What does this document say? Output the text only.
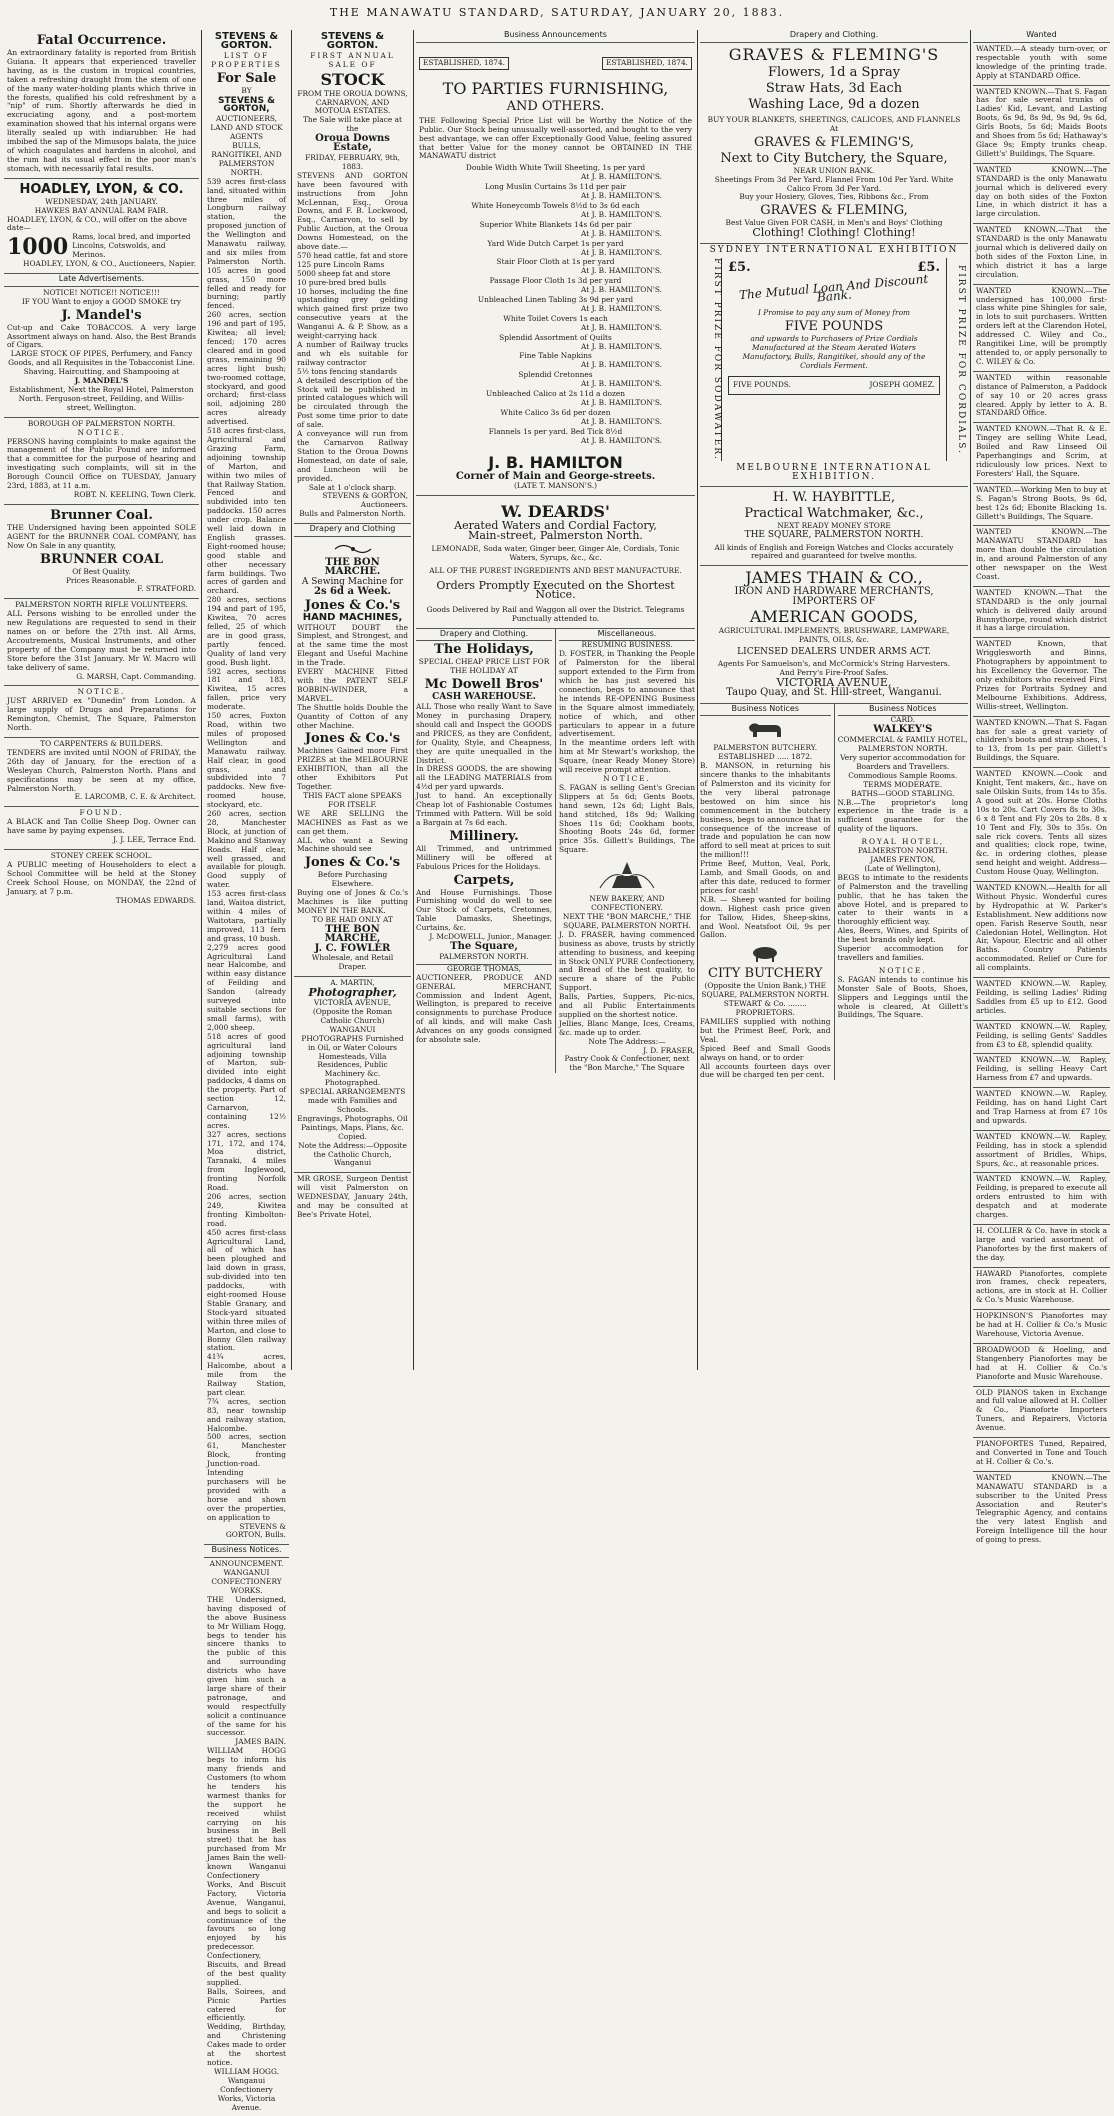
THE MANAWATU STANDARD, SATURDAY, JANUARY 20, 1883.
Fatal Occurrence.
An extraordinary fatality is reported from British Guiana. It appears that experienced traveller having, as is the custom in tropical countries, taken a refreshing draught from the stem of one of the many water-holding plants which thrive in the forests, qualified his cold refreshment by a "nip" of rum. Shortly afterwards he died in excruciating agony, and a post-mortem examination showed that his internal organs were literally sealed up with indiarubber. He had imbibed the sap of the Mimusops balata, the juice of which coagulates and hardens in alcohol, and the rum had its usual effect in the poor man's stomach, with necessarily fatal results.
HOADLEY, LYON, & CO.
WEDNESDAY, 24th JANUARY.
HAWKES BAY ANNUAL RAM FAIR.
HOADLEY, LYON, & CO., will offer on the above date—
1000 Rams, local bred, and imported Lincolns, Cotswolds, and Merinos.
HOADLEY, LYON, & CO., Auctioneers, Napier.
Late Advertisements.
NOTICE! NOTICE!! NOTICE!!!
IF YOU Want to enjoy a GOOD SMOKE try
J. Mandel's
Cut-up and Cake TOBACCOS. A very large Assortment always on hand. Also, the Best Brands of Cigars.
LARGE STOCK OF PIPES, Perfumery, and Fancy Goods, and all Requisites in the Tobacconist Line.
Shaving, Haircutting, and Shampooing at
J. MANDEL'S
Establishment, Next the Royal Hotel, Palmerston North. Ferguson-street, Feilding, and Willis-street, Wellington.
BOROUGH OF PALMERSTON NORTH.
NOTICE.
PERSONS having complaints to make against the management of the Public Pound are informed that a committee for the purpose of hearing and investigating such complaints, will sit in the Borough Council Office on TUESDAY, January 23rd, 1883, at 11 a.m.
ROBT. N. KEELING, Town Clerk.
Brunner Coal.
THE Undersigned having been appointed SOLE AGENT for the BRUNNER COAL COMPANY, has Now On Sale in any quantity,
BRUNNER COAL
Of Best Quality.
Prices Reasonable.
F. STRATFORD.
PALMERSTON NORTH RIFLE VOLUNTEERS.
ALL Persons wishing to be enrolled under the new Regulations are requested to send in their names on or before the 27th inst. All Arms, Accoutrements, Musical Instruments, and other property of the Company must be returned into Store before the 31st January. Mr W. Macro will take delivery of same.
G. MARSH, Capt. Commanding.
NOTICE.
JUST ARRIVED ex "Dunedin" from London. A large supply of Drugs and Preparations for Remington, Chemist, The Square, Palmerston North.
TO CARPENTERS & BUILDERS.
TENDERS are invited until NOON of FRIDAY, the 26th day of January, for the erection of a Wesleyan Church, Palmerston North. Plans and specifications may be seen at my office, Palmerston North.
E. LARCOMB, C. E. & Architect.
FOUND.
A BLACK and Tan Collie Sheep Dog. Owner can have same by paying expenses.
J. J. LEE, Terrace End.
STONEY CREEK SCHOOL.
A PUBLIC meeting of Householders to elect a School Committee will be held at the Stoney Creek School House, on MONDAY, the 22nd of January, at 7 p.m.
THOMAS EDWARDS.
STEVENS & GORTON.
LIST OF PROPERTIES
For Sale
BY
STEVENS & GORTON,
AUCTIONEERS,
LAND AND STOCK AGENTS
BULLS, RANGITIKEI, AND PALMERSTON NORTH.
539 acres first-class land, situated within three miles of Longburn railway station, the proposed junction of the Wellington and Manawatu railway, and six miles from Palmerston North. 105 acres in good grass, 150 more felled and ready for burning; partly fenced.
260 acres, section 196 and part of 195, Kiwitea; all level; fenced; 170 acres cleared and in good grass, remaining 90 acres light bush; two-roomed cottage, stockyard, and good orchard; first-class soil, adjoining 280 acres already advertised.
518 acres first-class, Agricultural and Grazing Farm, adjoining township of Marton, and within two miles of that Railway Station. Fenced and subdivided into ten paddocks. 150 acres under crop. Balance well laid down in English grasses. Eight-roomed house; good stable and other necessary farm buildings. Two acres of garden and orchard.
280 acres, sections 194 and part of 195, Kiwitea, 70 acres felled, 25 of which are in good grass, partly fenced. Quality of land very good. Bush light.
592 acres, sections 181 and 183, Kiwitea, 15 acres fallen, price very moderate.
150 acres, Foxton Road, within two miles of proposed Wellington and Manawatu railway. Half clear, in good grass, and subdivided into 7 paddocks. New five-roomed house, stockyard, etc.
260 acres, section 28, Manchester Block, at junction of Makino and Stanway Roads. Half clear, well grassed, and available for plough. Good supply of water.
153 acres first-class land, Waitoa district, within 4 miles of Waitotara, partially improved, 113 fern and grass, 10 bush.
2,279 acres good Agricultural Land near Halcombe, and within easy distance of Feilding and Sandon (already surveyed into suitable sections for small farms), with 2,000 sheep.
518 acres of good agricultural land adjoining township of Marton, sub-divided into eight paddocks, 4 dams on the property. Part of section 12, Carnarvon, containing 12½ acres.
327 acres, sections 171, 172, and 174, Moa district, Taranaki, 4 miles from Inglewood, fronting Norfolk Road.
206 acres, section 249, Kiwitea fronting Kimbolton-road.
450 acres first-class Agricultural Land, all of which has been ploughed and laid down in grass, sub-divided into ten paddocks, with eight-roomed House Stable Granary, and Stock-yard situated within three miles of Marton, and close to Bonny Glen railway station.
41¾ acres, Halcombe, about a mile from the Railway Station, part clear.
7¾ acres, section 83, near township and railway station, Halcombe.
500 acres, section 61, Manchester Block, fronting Junction-road.
Intending purchasers will be provided with a horse and shown over the properties, on application to
STEVENS & GORTON, Bulls.
Business Notices.
ANNOUNCEMENT.
WANGANUI CONFECTIONERY WORKS.
THE Undersigned, having disposed of the above Business to Mr William Hogg, begs to tender his sincere thanks to the public of this and surrounding districts who have given him such a large share of their patronage, and would respectfully solicit a continuance of the same for his successor.
JAMES BAIN.
WILLIAM HOGG begs to inform his many friends and Customers (to whom he tenders his warmest thanks for the support he received whilst carrying on his business in Bell street) that he has purchased from Mr James Bain the well-known Wanganui Confectionery Works, And Biscuit Factory, Victoria Avenue, Wanganui, and begs to solicit a continuance of the favours so long enjoyed by his predecessor.
Confectionery, Biscuits, and Bread of the best quality supplied.
Balls, Soirees, and Picnic Parties catered for efficiently.
Wedding, Birthday, and Christening Cakes made to order at the shortest notice.
WILLIAM HOGG.
Wanganui Confectionery Works, Victoria Avenue.
STEVENS & GORTON.
FIRST ANNUAL SALE OF
STOCK
FROM THE OROUA DOWNS, CARNARVON, AND MOTOUA ESTATES.
The Sale will take place at the
Oroua Downs Estate,
FRIDAY, FEBRUARY, 9th, 1883.
STEVENS AND GORTON have been favoured with instructions from John McLennan, Esq., Oroua Downs, and F. B. Lockwood, Esq., Carnarvon, to sell by Public Auction, at the Oroua Downs Homestead, on the above date.—
570 head cattle, fat and store
125 pure Lincoln Rams
5000 sheep fat and store
10 pure-bred bred bulls
10 horses, including the fine upstanding grey gelding which gained first prize two consecutive years at the Wanganui A. & P. Show, as a weight-carrying hack
A number of Railway trucks and wh els suitable for railway contractor
5½ tons fencing standards
A detailed description of the Stock will be published in printed catalogues which will be circulated through the Post some time prior to date of sale.
A conveyance will run from the Carnarvon Railway Station to the Oroua Downs Homestead, on date of sale, and Luncheon will be provided.
Sale at 1 o'clock sharp.
STEVENS & GORTON, Auctioneers.
Bulls and Palmerston North.
Drapery and Clothing
THE BON MARCHE.
A Sewing Machine for
2s 6d a Week.
Jones & Co.'s
HAND MACHINES,
WITHOUT DOUBT the Simplest, and Strongest, and at the same time the most Elegant and Useful Machine in the Trade.
EVERY MACHINE Fitted with the PATENT SELF BOBBIN-WINDER, a MARVEL.
The Shuttle holds Double the Quantity of Cotton of any other Machine.
Jones & Co.'s
Machines Gained more First PRIZES at the MELBOURNE EXHIBITION, than all the other Exhibitors Put Together.
THIS FACT alone SPEAKS FOR ITSELF.
WE ARE SELLING the MACHINES as Fast as we can get them.
ALL who want a Sewing Machine should see
Jones & Co.'s
Before Purchasing Elsewhere.
Buying one of Jones & Co.'s Machines is like putting MONEY IN THE BANK.
TO BE HAD ONLY AT
THE BON MARCHE,
J. C. FOWLER
Wholesale, and Retail Draper.
A. MARTIN,
Photographer,
VICTORIA AVENUE,
(Opposite the Roman Catholic Church)
WANGANUI
PHOTOGRAPHS Furnished in Oil, or Water Colours
Homesteads, Villa Residences, Public Machinery &c. Photographed.
SPECIAL ARRANGEMENTS made with Families and Schools.
Engravings, Photographs, Oil Paintings, Maps, Plans, &c. Copied.
Note the Address:—Opposite the Catholic Church, Wanganui
MR GROSE, Surgeon Dentist will visit Palmerston on WEDNESDAY, January 24th, and may be consulted at Bee's Private Hotel,
Business Announcements
ESTABLISHED, 1874.	ESTABLISHED, 1874.
TO PARTIES FURNISHING,
AND OTHERS.
THE Following Special Price List will be Worthy the Notice of the Public. Our Stock being unusually well-assorted, and bought to the very best advantage, we can offer Exceptionally Good Value, feeling assured that better Value for the money cannot be OBTAINED IN THE MANAWATU district
Double Width White Twill Sheeting, 1s per yard
At J. B. HAMILTON'S.
Long Muslin Curtains 3s 11d per pair
At J. B. HAMILTON'S.
White Honeycomb Towels 8½d to 3s 6d each
At J. B. HAMILTON'S.
Superior White Blankets 14s 6d per pair
At J. B. HAMILTON'S.
Yard Wide Dutch Carpet 1s per yard
At J. B. HAMILTON'S.
Stair Floor Cloth at 1s per yard
At J. B. HAMILTON'S.
Passage Floor Cloth 1s 3d per yard
At J. B. HAMILTON'S.
Unbleached Linen Tabling 3s 9d per yard
At J. B. HAMILTON'S.
White Toilet Covers 1s each
At J. B. HAMILTON'S.
Splendid Assortment of Quilts
At J. B. HAMILTON'S.
Fine Table Napkins
At J. B. HAMILTON'S.
Splendid Cretonnes
At J. B. HAMILTON'S.
Unbleached Calico at 2s 11d a dozen
At J. B. HAMILTON'S.
White Calico 3s 6d per dozen
At J. B. HAMILTON'S.
Flannels 1s per yard. Bed Tick 8½d
At J. B. HAMILTON'S.
J. B. HAMILTON
Corner of Main and George-streets.
(LATE T. MANSON'S.)
W. DEARDS'
Aerated Waters and Cordial Factory,
Main-street, Palmerston North.
LEMONADE, Soda water, Ginger beer, Ginger Ale, Cordials, Tonic Waters, Syrups, &c., &c.
ALL OF THE PUREST INGREDIENTS AND BEST MANUFACTURE.
Orders Promptly Executed on the Shortest Notice.
Goods Delivered by Rail and Waggon all over the District. Telegrams Punctually attended to.
Drapery and Clothing.
The Holidays,
SPECIAL CHEAP PRICE LIST FOR THE HOLIDAY AT
Mc Dowell Bros'
CASH WAREHOUSE.
ALL Those who really Want to Save Money in purchasing Drapery, should call and Inspect the GOODS and PRICES, as they are Confident, for Quality, Style, and Cheapness, they are quite unequalled in the District.
In DRESS GOODS, the are showing all the LEADING MATERIALS from 4½d per yard upwards.
Just to hand. An exceptionally Cheap lot of Fashionable Costumes Trimmed with Pattern. Will be sold a Bargain at 7s 6d each.
Millinery.
All Trimmed, and untrimmed Millinery will be offered at Fabulous Prices for the Holidays.
Carpets,
And House Furnishings. Those Furnishing would do well to see Our Stock of Carpets, Cretonnes, Table Damasks, Sheetings, Curtains, &c.
J. McDOWELL, Junior., Manager.
The Square,
PALMERSTON NORTH.
GEORGE THOMAS,
AUCTIONEER, PRODUCE AND GENERAL MERCHANT, Commission and Indent Agent, Wellington, is prepared to receive consignments to purchase Produce of all kinds, and will make Cash Advances on any goods consigned for absolute sale.
Miscellaneous.
RESUMING BUSINESS.
D. FOSTER, in Thanking the People of Palmerston for the liberal support extended to the Firm from which he has just severed his connection, begs to announce that he intends RE-OPENING Business in the Square almost immediately, notice of which, and other particulars to appear in a future advertisement.
In the meantime orders left with him at Mr Stewart's workshop, the Square, (near Ready Money Store) will receive prompt attention.
NOTICE.
S. FAGAN is selling Gent's Grecian Slippers at 5s 6d; Gents Boots, hand sewn, 12s 6d; Light Bals, hand stitched, 18s 9d; Walking Shoes 11s 6d; Cookham boots, Shooting Boots 24s 6d, former price 35s. Gillett's Buildings, The Square.
NEW BAKERY, AND CONFECTIONERY.
NEXT THE "BON MARCHE," THE SQUARE, PALMERSTON NORTH.
J. D. FRASER, having commenced business as above, trusts by strictly attending to business, and keeping in Stock ONLY PURE Confectionery, and Bread of the best quality, to secure a share of the Public Support.
Balls, Parties, Suppers, Pic-nics, and all Public Entertainments supplied on the shortest notice.
Jellies, Blanc Mange, Ices, Creams, &c. made up to order.
Note The Address:—
J. D. FRASER,
Pastry Cook & Confectioner, next the "Bon Marche," The Square
Drapery and Clothing.
GRAVES & FLEMING'S
Flowers, 1d a Spray
Straw Hats, 3d Each
Washing Lace, 9d a dozen
BUY YOUR BLANKETS, SHEETINGS, CALICOES, AND FLANNELS
At
GRAVES & FLEMING'S,
Next to City Butchery, the Square,
NEAR UNION BANK.
Sheetings From 3d Per Yard. Flannel From 10d Per Yard. White Calico From 3d Per Yard.
Buy your Hosiery, Gloves, Ties, Ribbons &c., From
GRAVES & FLEMING,
Best Value Given FOR CASH, in Men's and Boys' Clothing
Clothing! Clothing! Clothing!
SYDNEY INTERNATIONAL EXHIBITION
FIRST PRIZE FOR SODAWATER. £5.	£5.
The Mutual Loan And Discount Bank.
I Promise to pay any sum of Money from
FIVE POUNDS
and upwards to Purchasers of Prize Cordials Manufactured at the Steam Aerated Waters Manufactory, Bulls, Rangitikei, should any of the Cordials Ferment.
FIVE POUNDS.	JOSEPH GOMEZ.	FIRST PRIZE FOR CORDIALS.
MELBOURNE INTERNATIONAL EXHIBITION.
H. W. HAYBITTLE,
Practical Watchmaker, &c.,
NEXT READY MONEY STORE
THE SQUARE, PALMERSTON NORTH.
All kinds of English and Foreign Watches and Clocks accurately repaired and guaranteed for twelve months.
JAMES THAIN & CO.,
IRON AND HARDWARE MERCHANTS,
IMPORTERS OF
AMERICAN GOODS,
AGRICULTURAL IMPLEMENTS, BRUSHWARE, LAMPWARE, PAINTS, OILS, &c.
LICENSED DEALERS UNDER ARMS ACT.
Agents For Samuelson's, and McCormick's String Harvesters.
And Perry's Fire-Proof Safes.
VICTORIA AVENUE,
Taupo Quay, and St. Hill-street, Wanganui.
Business Notices
PALMERSTON BUTCHERY.
ESTABLISHED ..... 1872.
B. MANSON, in returning his sincere thanks to the inhabitants of Palmerston and its vicinity for the very liberal patronage bestowed on him since his commencement in the butchery business, begs to announce that in consequence of the increase of trade and population he can now afford to sell meat at prices to suit the million!!!
Prime Beef, Mutton, Veal, Pork, Lamb, and Small Goods, on and after this date, reduced to former prices for cash!
N.B. — Sheep wanted for boiling down. Highest cash price given for Tallow, Hides, Sheep-skins, and Wool. Neatsfoot Oil, 9s per Gallon.
CITY BUTCHERY
(Opposite the Union Bank,) THE SQUARE, PALMERSTON NORTH.
STEWART & Co. ........ PROPRIETORS.
FAMILIES supplied with nothing but the Primest Beef, Pork, and Veal.
Spiced Beef and Small Goods always on hand, or to order
All accounts fourteen days over due will be charged ten per cent.
Business Notices
CARD.
WALKEY'S
COMMERCIAL & FAMILY HOTEL,
PALMERSTON NORTH.
Very superior accommodation for Boarders and Travellers.
Commodious Sample Rooms.
TERMS MODERATE.
BATHS—GOOD STABLING.
N.B.—The proprietor's long experience in the trade is a sufficient guarantee for the quality of the liquors.
ROYAL HOTEL,
PALMERSTON NORTH.
JAMES FENTON,
(Late of Wellington),
BEGS to intimate to the residents of Palmerston and the travelling public, that he has taken the above Hotel, and is prepared to cater to their wants in a thoroughly efficient way.
Ales, Beers, Wines, and Spirits of the best brands only kept.
Superior accommodation for travellers and families.
NOTICE.
S. FAGAN intends to continue his Monster Sale of Boots, Shoes, Slippers and Leggings until the whole is cleared, At Gillett's Buildings, The Square.
Wanted
WANTED.—A steady turn-over, or respectable youth with some knowledge of the printing trade. Apply at STANDARD Office.
WANTED KNOWN.—That S. Fagan has for sale several trunks of Ladies' Kid, Levant, and Lasting Boots, 6s 9d, 8s 9d, 9s 9d, 9s 6d, Girls Boots, 5s 6d; Maids Boots and Shoes from 5s 6d; Hathaway's Glace 9s; Empty trunks cheap. Gillett's' Buildings, The Square.
WANTED KNOWN.—The STANDARD is the only Manawatu journal which is delivered every day on both sides of the Foxton Line, in which district it has a large circulation.
WANTED KNOWN.—That the STANDARD is the only Manawatu journal which is delivered daily on both sides of the Foxton Line, in which district it has a large circulation.
WANTED KNOWN.—The undersigned has 100,000 first-class white pine Shingles for sale, in lots to suit purchasers. Written orders left at the Clarendon Hotel, addressed C. Wiley and Co., Rangitikei Line, will be promptly attended to, or apply personally to C. WILEY & Co.
WANTED within reasonable distance of Palmerston, a Paddock of say 10 or 20 acres grass cleared. Apply by letter to A. B. STANDARD Office.
WANTED KNOWN.—That R. & E. Tingey are selling White Lead, Boiled and Raw Linseed Oil Paperhangings and Scrim, at ridiculously low prices. Next to Foresters' Hall, the Square.
WANTED.—Working Men to buy at S. Fagan's Strong Boots, 9s 6d, best 12s 6d; Ebonite Blacking 1s. Gillett's Buildings, The Square.
WANTED KNOWN.—The MANAWATU STANDARD has more than double the circulation in, and around Palmerston of any other newspaper on the West Coast.
WANTED KNOWN.—That the STANDARD is the only journal which is delivered daily around Bunnythorpe, round which district it has a large circulation.
WANTED Known, that Wrigglesworth and Binns, Photographers by appointment to his Excellency the Governor. The only exhibitors who received First Prizes for Portraits Sydney and Melbourne Exhibitions. Address, Willis-street, Wellington.
WANTED KNOWN.—That S. Fagan has for sale a great variety of children's boots and strap shoes, 1 to 13, from 1s per pair. Gillett's Buildings, the Square.
WANTED KNOWN.—Cook and Knight, Tent makers, &c., have on sale Oilskin Suits, from 14s to 35s. A good suit at 20s. Horse Cloths 10s to 20s. Cart Covers 8s to 30s. 6 x 8 Tent and Fly 20s to 28s. 8 x 10 Tent and Fly, 30s to 35s. On sale rick covers. Tents all sizes and qualities; clock rope, twine, &c. in ordering clothes, please send height and weight. Address—Custom House Quay, Wellington.
WANTED KNOWN.—Health for all Without Physic. Wonderful cures by Hydropathic at W. Parker's Establishment. New additions now open. Farish Reserve South, near Caledonian Hotel, Wellington. Hot Air, Vapour, Electric and all other Baths. Country Patients accommodated. Relief or Cure for all complaints.
WANTED KNOWN.—W. Rapley, Feilding, is selling Ladies' Riding Saddles from £5 up to £12. Good articles.
WANTED KNOWN.—W. Rapley, Feilding, is selling Gents' Saddles from £3 to £8, splendid quality.
WANTED KNOWN.—W. Rapley, Feilding, is selling Heavy Cart Harness from £7 and upwards.
WANTED KNOWN.—W. Rapley, Feilding, has on hand Light Cart and Trap Harness at from £7 10s and upwards.
WANTED KNOWN.—W. Rapley, Feilding, has in stock a splendid assortment of Bridles, Whips, Spurs, &c., at reasonable prices.
WANTED KNOWN.—W. Rapley, Feilding, is prepared to execute all orders entrusted to him with despatch and at moderate charges.
H. COLLIER & Co. have in stock a large and varied assortment of Pianofortes by the first makers of the day.
HAWARD Pianofortes, complete iron frames, check repeaters, actions, are in stock at H. Collier & Co.'s Music Warehouse.
HOPKINSON'S Pianofortes may be had at H. Collier & Co.'s Music Warehouse, Victoria Avenue.
BROADWOOD & Hoeling, and Stangenbery Pianofortes may be had at H. Collier & Co.'s Pianoforte and Music Warehouse.
OLD PIANOS taken in Exchange and full value allowed at H. Collier & Co., Pianoforte Importers Tuners, and Repairers, Victoria Avenue.
PIANOFORTES Tuned, Repaired, and Converted in Tone and Touch at H. Collier & Co.'s.
WANTED KNOWN.—The MANAWATU STANDARD is a subscriber to the United Press Association and Reuter's Telegraphic Agency, and contains the very latest English and Foreign Intelligence till the hour of going to press.
